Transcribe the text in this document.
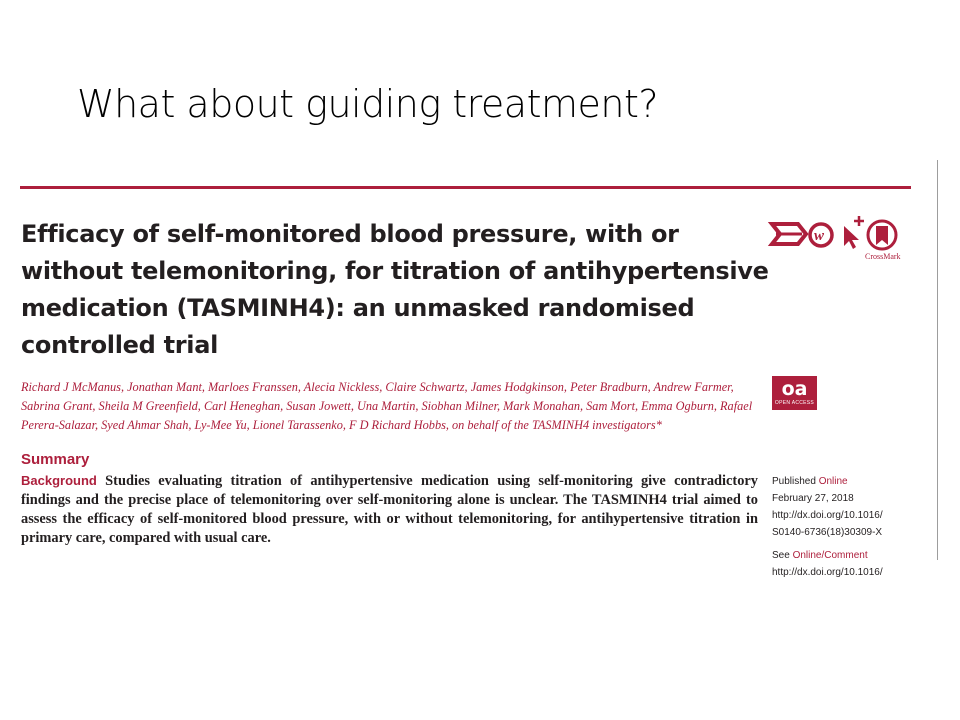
What about guiding treatment?
Efficacy of self-monitored blood pressure, with or without telemonitoring, for titration of antihypertensive medication (TASMINH4): an unmasked randomised controlled trial
w
CrossMark
Richard J McManus, Jonathan Mant, Marloes Franssen, Alecia Nickless, Claire Schwartz, James Hodgkinson, Peter Bradburn, Andrew Farmer, Sabrina Grant, Sheila M Greenfield, Carl Heneghan, Susan Jowett, Una Martin, Siobhan Milner, Mark Monahan, Sam Mort, Emma Ogburn, Rafael Perera-Salazar, Syed Ahmar Shah, Ly-Mee Yu, Lionel Tarassenko, F D Richard Hobbs, on behalf of the TASMINH4 investigators*
oa
OPEN ACCESS
Summary
Background Studies evaluating titration of antihypertensive medication using self-monitoring give contradictory findings and the precise place of telemonitoring over self-monitoring alone is unclear. The TASMINH4 trial aimed to assess the efficacy of self-monitored blood pressure, with or without telemonitoring, for antihypertensive titration in primary care, compared with usual care.
Published Online
February 27, 2018
http://dx.doi.org/10.1016/
S0140-6736(18)30309-X
See Online/Comment
http://dx.doi.org/10.1016/
